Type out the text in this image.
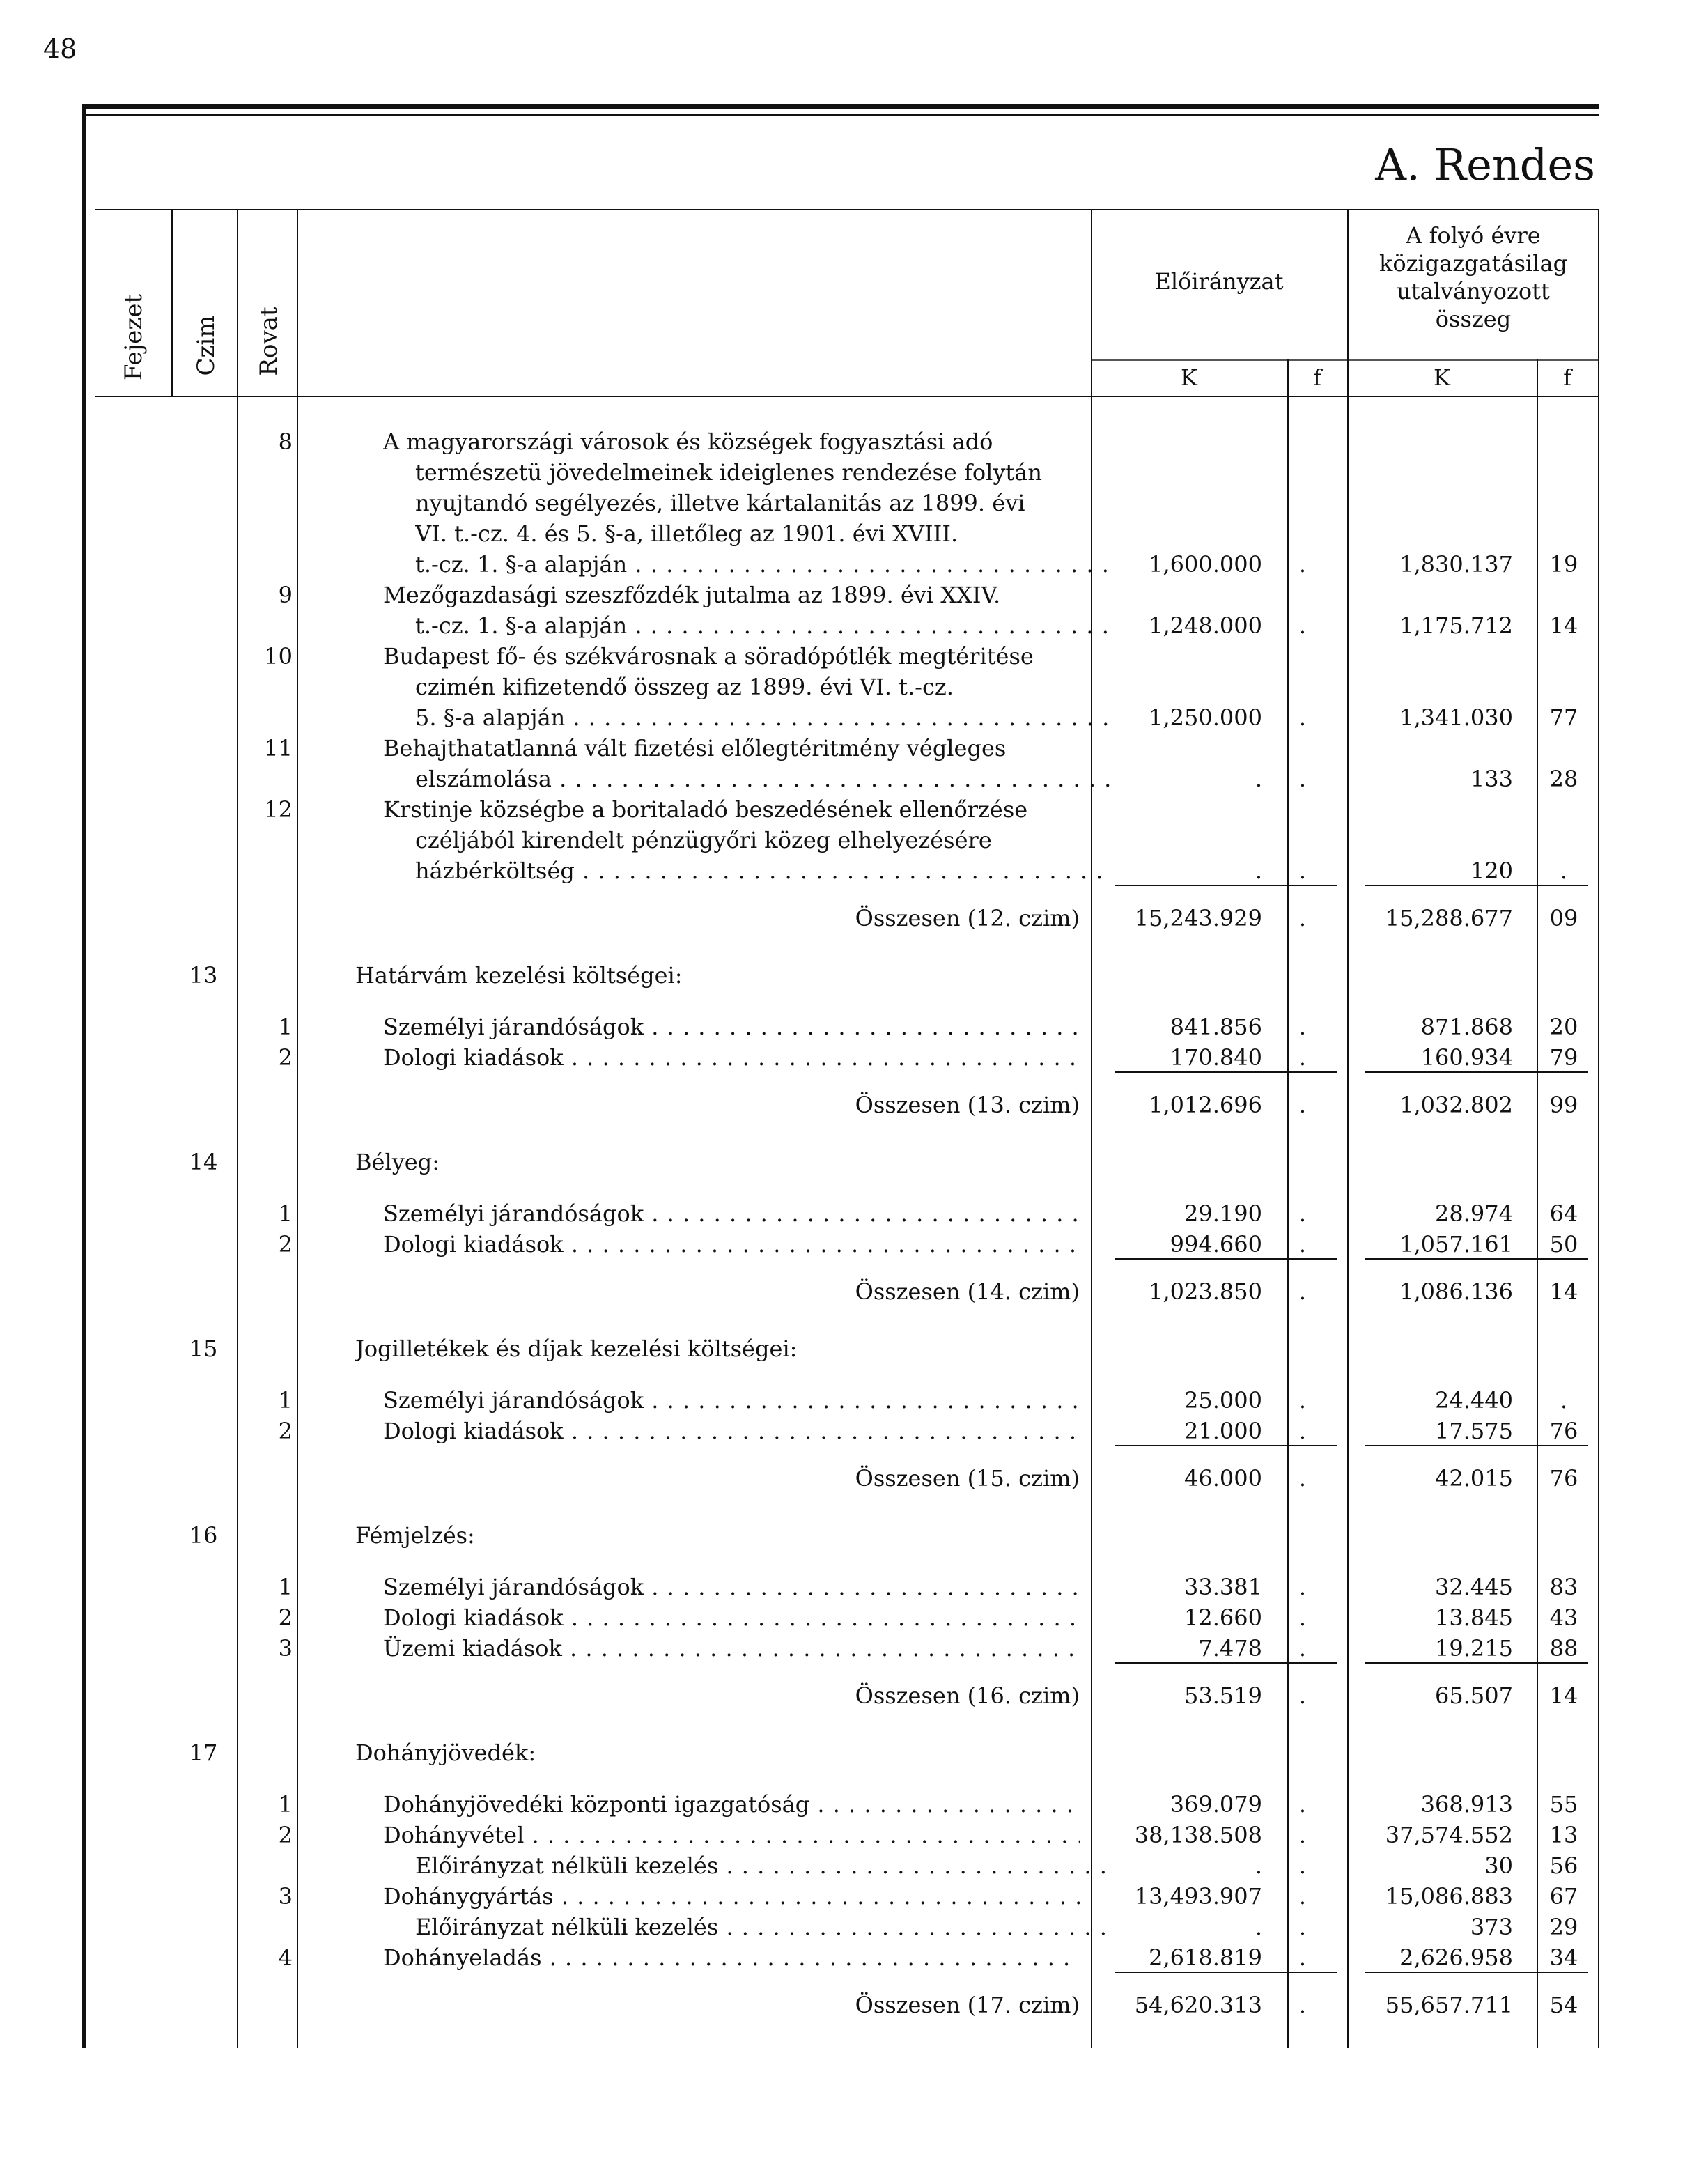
48
A. Rendes
Fejezet Czim Rovat
Előirányzat
A folyó évre
közigazgatásilag
utalványozott
összeg
K	f	K	f
8	A magyarországi városok és községek fogyasztási adó
természetü jövedelmeinek ideiglenes rendezése folytán
nyujtandó segélyezés, illetve kártalanitás az 1899. évi
VI. t.-cz. 4. és 5. §-a, illetőleg az 1901. évi XVIII.
t.-cz. 1. §-a alapján . . .	1,600.000	.	1,830.137	19
9	Mezőgazdasági szeszfőzdék jutalma az 1899. évi XXIV.
t.-cz. 1. §-a alapján . . .	1,248.000	.	1,175.712	14
10	Budapest fő- és székvárosnak a söradópótlék megtéritése
czimén kifizetendő összeg az 1899. évi VI. t.-cz.
5. §-a alapján . . .	1,250.000	.	1,341.030	77
11	Behajthatatlanná vált fizetési előlegtéritmény végleges
elszámolása . . .	.	.	133	28
12	Krstinje községbe a boritaladó beszedésének ellenőrzése
czéljából kirendelt pénzügyőri közeg elhelyezésére
házbérköltség . . .	.	.	120	.
Összesen (12. czim)	15,243.929	.	15,288.677	09
13	Határvám kezelési költségei:
1	Személyi járandóságok . . .	841.856	.	871.868	20
2	Dologi kiadások . . .	170.840	.	160.934	79
Összesen (13. czim)	1,012.696	.	1,032.802	99
14	Bélyeg:
1	Személyi járandóságok . . .	29.190	.	28.974	64
2	Dologi kiadások . . .	994.660	.	1,057.161	50
Összesen (14. czim)	1,023.850	.	1,086.136	14
15	Jogilletékek és díjak kezelési költségei:
1	Személyi járandóságok . . .	25.000	.	24.440	.
2	Dologi kiadások . . .	21.000	.	17.575	76
Összesen (15. czim)	46.000	.	42.015	76
16	Fémjelzés:
1	Személyi járandóságok . . .	33.381	.	32.445	83
2	Dologi kiadások . . .	12.660	.	13.845	43
3	Üzemi kiadások . . .	7.478	.	19.215	88
Összesen (16. czim)	53.519	.	65.507	14
17	Dohányjövedék:
1	Dohányjövedéki központi igazgatóság . . .	369.079	.	368.913	55
2	Dohányvétel . . .	38,138.508	.	37,574.552	13
Előirányzat nélküli kezelés . . .	.	.	30	56
3	Dohánygyártás . . .	13,493.907	.	15,086.883	67
Előirányzat nélküli kezelés . . .	.	.	373	29
4	Dohányeladás . . .	2,618.819	.	2,626.958	34
Összesen (17. czim)	54,620.313	.	55,657.711	54
